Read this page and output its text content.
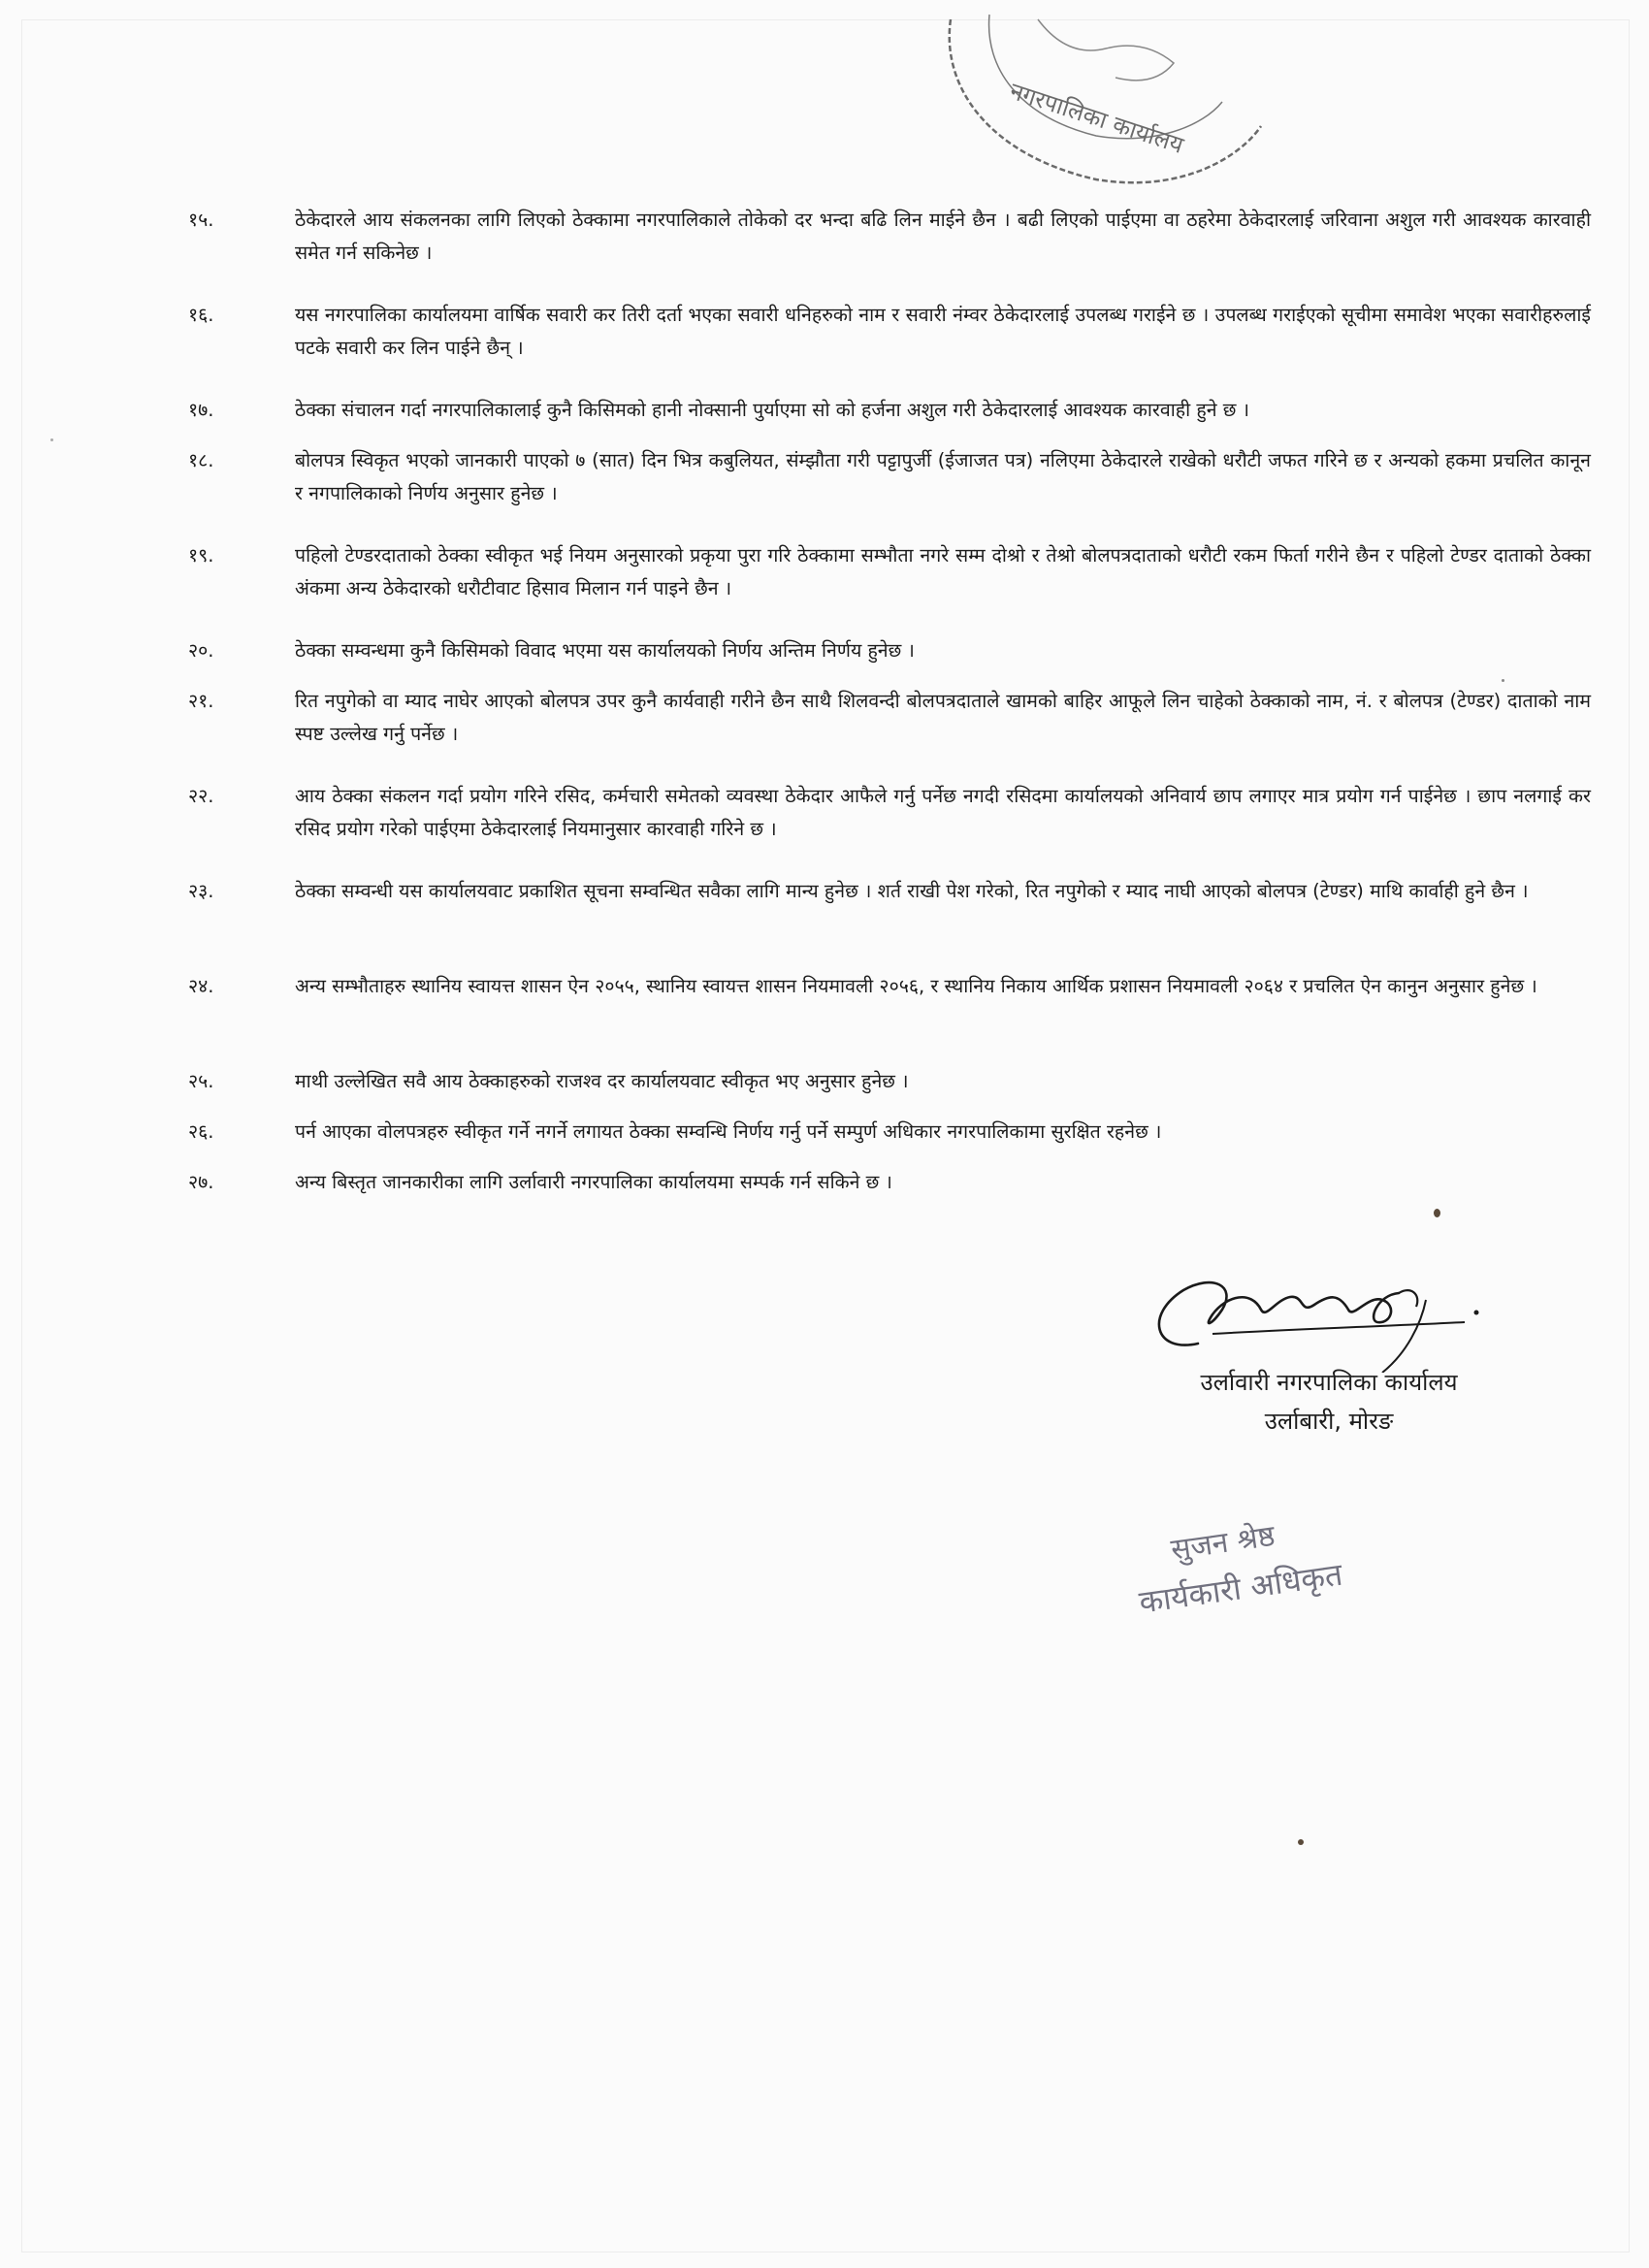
नगरपालिका कार्यालय
१५.	ठेकेदारले आय संकलनका लागि लिएको ठेक्कामा नगरपालिकाले तोकेको दर भन्दा बढि लिन माईने छैन । बढी लिएको पाईएमा वा ठहरेमा ठेकेदारलाई जरिवाना अशुल गरी आवश्यक कारवाही समेत गर्न सकिनेछ ।
१६.	यस नगरपालिका कार्यालयमा वार्षिक सवारी कर तिरी दर्ता भएका सवारी धनिहरुको नाम र सवारी नंम्वर ठेकेदारलाई उपलब्ध गराईने छ । उपलब्ध गराईएको सूचीमा समावेश भएका सवारीहरुलाई पटके सवारी कर लिन पाईने छैन् ।
१७.	ठेक्का संचालन गर्दा नगरपालिकालाई कुनै किसिमको हानी नोक्सानी पुर्याएमा सो को हर्जना अशुल गरी ठेकेदारलाई आवश्यक कारवाही हुने छ ।
१८.	बोलपत्र स्विकृत भएको जानकारी पाएको ७ (सात) दिन भित्र कबुलियत, संम्झौता गरी पट्टापुर्जी (ईजाजत पत्र) नलिएमा ठेकेदारले राखेको धरौटी जफत गरिने छ र अन्यको हकमा प्रचलित कानून र नगपालिकाको निर्णय अनुसार हुनेछ ।
१९.	पहिलो टेण्डरदाताको ठेक्का स्वीकृत भई नियम अनुसारको प्रकृया पुरा गरि ठेक्कामा सम्भौता नगरे सम्म दोश्रो र तेश्रो बोलपत्रदाताको धरौटी रकम फिर्ता गरीने छैन र पहिलो टेण्डर दाताको ठेक्का अंकमा अन्य ठेकेदारको धरौटीवाट हिसाव मिलान गर्न पाइने छैन ।
२०.	ठेक्का सम्वन्धमा कुनै किसिमको विवाद भएमा यस कार्यालयको निर्णय अन्तिम निर्णय हुनेछ ।
२१.	रित नपुगेको वा म्याद नाघेर आएको बोलपत्र उपर कुनै कार्यवाही गरीने छैन साथै शिलवन्दी बोलपत्रदाताले खामको बाहिर आफूले लिन चाहेको ठेक्काको नाम, नं. र बोलपत्र (टेण्डर) दाताको नाम स्पष्ट उल्लेख गर्नु पर्नेछ ।
२२.	आय ठेक्का संकलन गर्दा प्रयोग गरिने रसिद, कर्मचारी समेतको व्यवस्था ठेकेदार आफैले गर्नु पर्नेछ नगदी रसिदमा कार्यालयको अनिवार्य छाप लगाएर मात्र प्रयोग गर्न पाईनेछ । छाप नलगाई कर रसिद प्रयोग गरेको पाईएमा ठेकेदारलाई नियमानुसार कारवाही गरिने छ ।
२३.	ठेक्का सम्वन्धी यस कार्यालयवाट प्रकाशित सूचना सम्वन्धित सवैका लागि मान्य हुनेछ । शर्त राखी पेश गरेको, रित नपुगेको र म्याद नाघी आएको बोलपत्र (टेण्डर) माथि कार्वाही हुने छैन ।
२४.	अन्य सम्भौताहरु स्थानिय स्वायत्त शासन ऐन २०५५, स्थानिय स्वायत्त शासन नियमावली २०५६, र स्थानिय निकाय आर्थिक प्रशासन नियमावली २०६४ र प्रचलित ऐन कानुन अनुसार हुनेछ ।
२५.	माथी उल्लेखित सवै आय ठेक्काहरुको राजश्व दर कार्यालयवाट स्वीकृत भए अनुसार हुनेछ ।
२६.	पर्न आएका वोलपत्रहरु स्वीकृत गर्ने नगर्ने लगायत ठेक्का सम्वन्धि निर्णय गर्नु पर्ने सम्पुर्ण अधिकार नगरपालिकामा सुरक्षित रहनेछ ।
२७.	अन्य बिस्तृत जानकारीका लागि उर्लावारी नगरपालिका कार्यालयमा सम्पर्क गर्न सकिने छ ।
उर्लावारी नगरपालिका कार्यालय
उर्लाबारी, मोरङ
सुजन श्रेष्ठ
कार्यकारी अधिकृत
